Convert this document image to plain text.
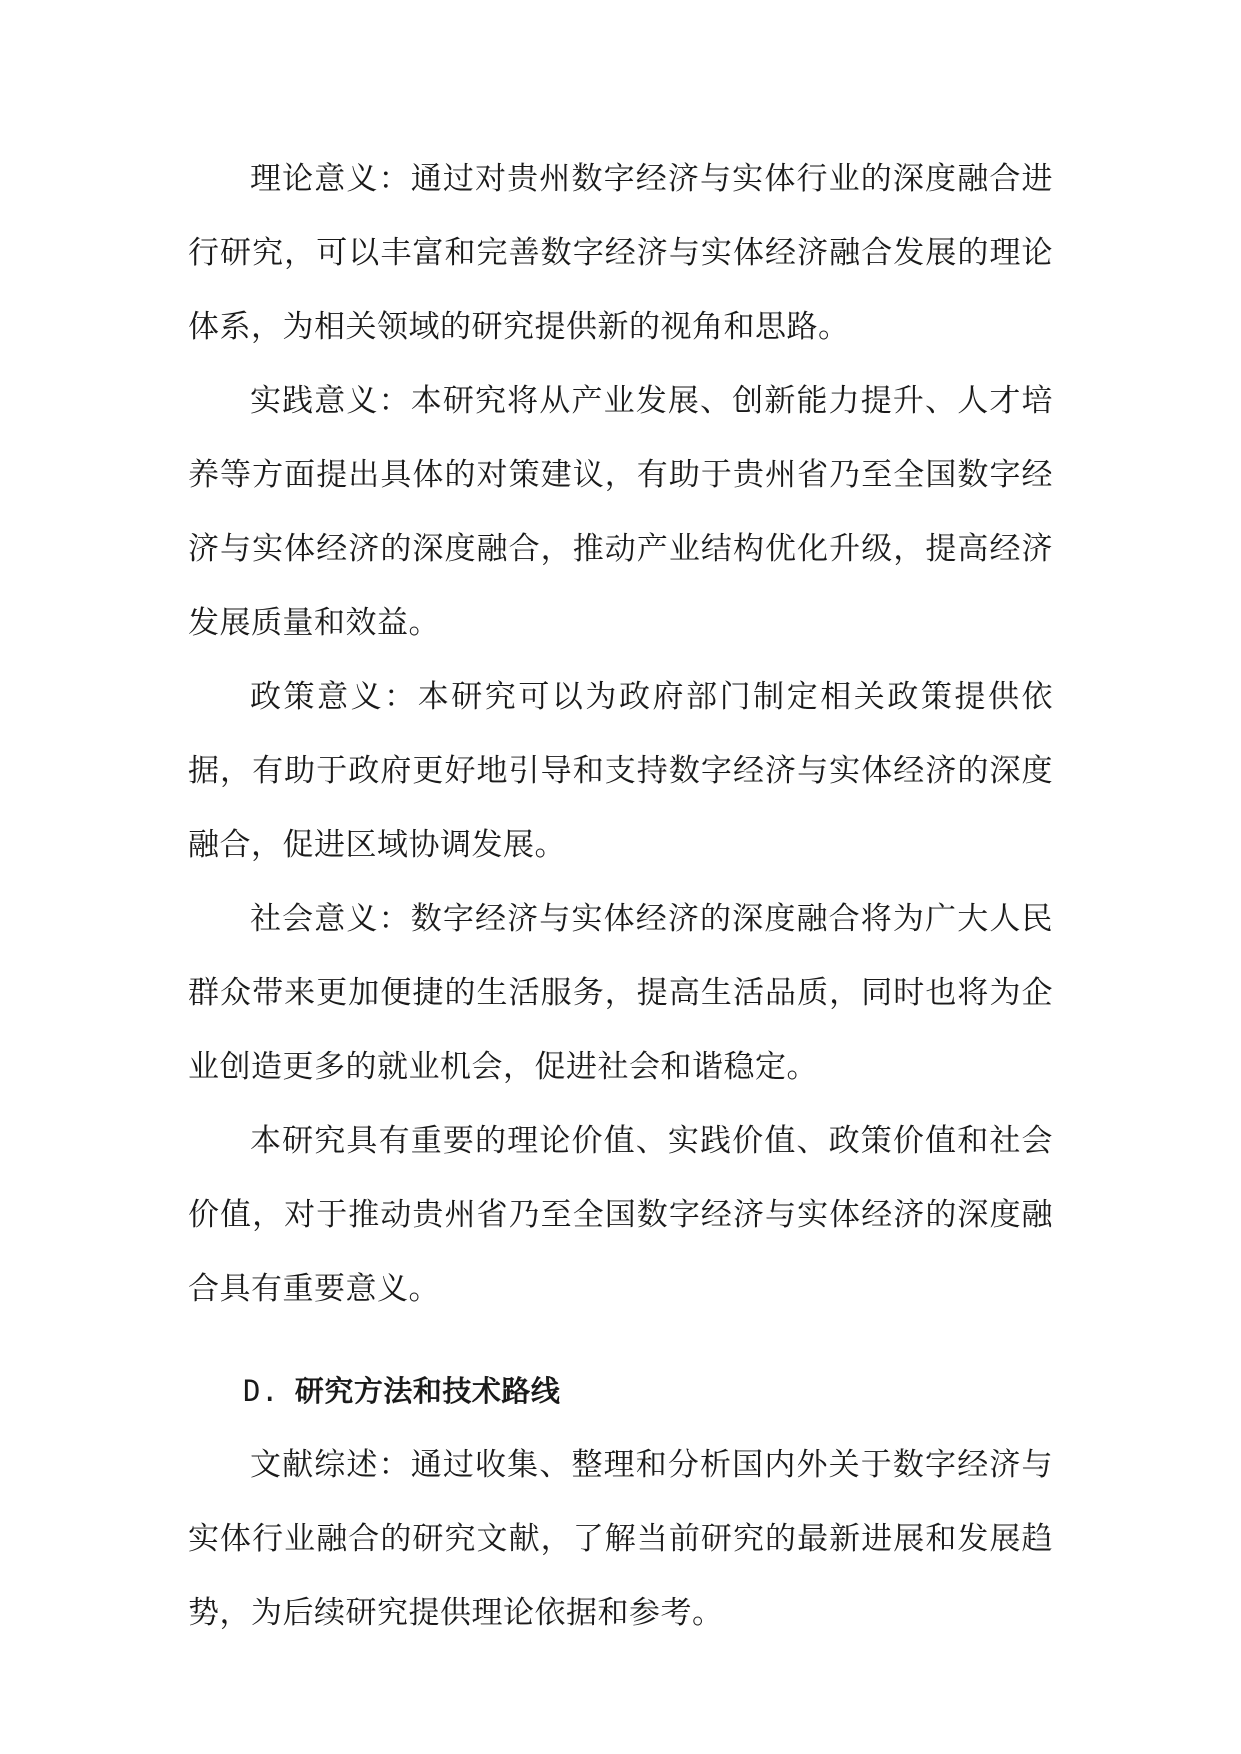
理论意义：通过对贵州数字经济与实体行业的深度融合进行研究，可以丰富和完善数字经济与实体经济融合发展的理论体系，为相关领域的研究提供新的视角和思路。

实践意义：本研究将从产业发展、创新能力提升、人才培养等方面提出具体的对策建议，有助于贵州省乃至全国数字经济与实体经济的深度融合，推动产业结构优化升级，提高经济发展质量和效益。

政策意义：本研究可以为政府部门制定相关政策提供依据，有助于政府更好地引导和支持数字经济与实体经济的深度融合，促进区域协调发展。

社会意义：数字经济与实体经济的深度融合将为广大人民群众带来更加便捷的生活服务，提高生活品质，同时也将为企业创造更多的就业机会，促进社会和谐稳定。

本研究具有重要的理论价值、实践价值、政策价值和社会价值，对于推动贵州省乃至全国数字经济与实体经济的深度融合具有重要意义。

D. 研究方法和技术路线

文献综述：通过收集、整理和分析国内外关于数字经济与实体行业融合的研究文献，了解当前研究的最新进展和发展趋势，为后续研究提供理论依据和参考。
